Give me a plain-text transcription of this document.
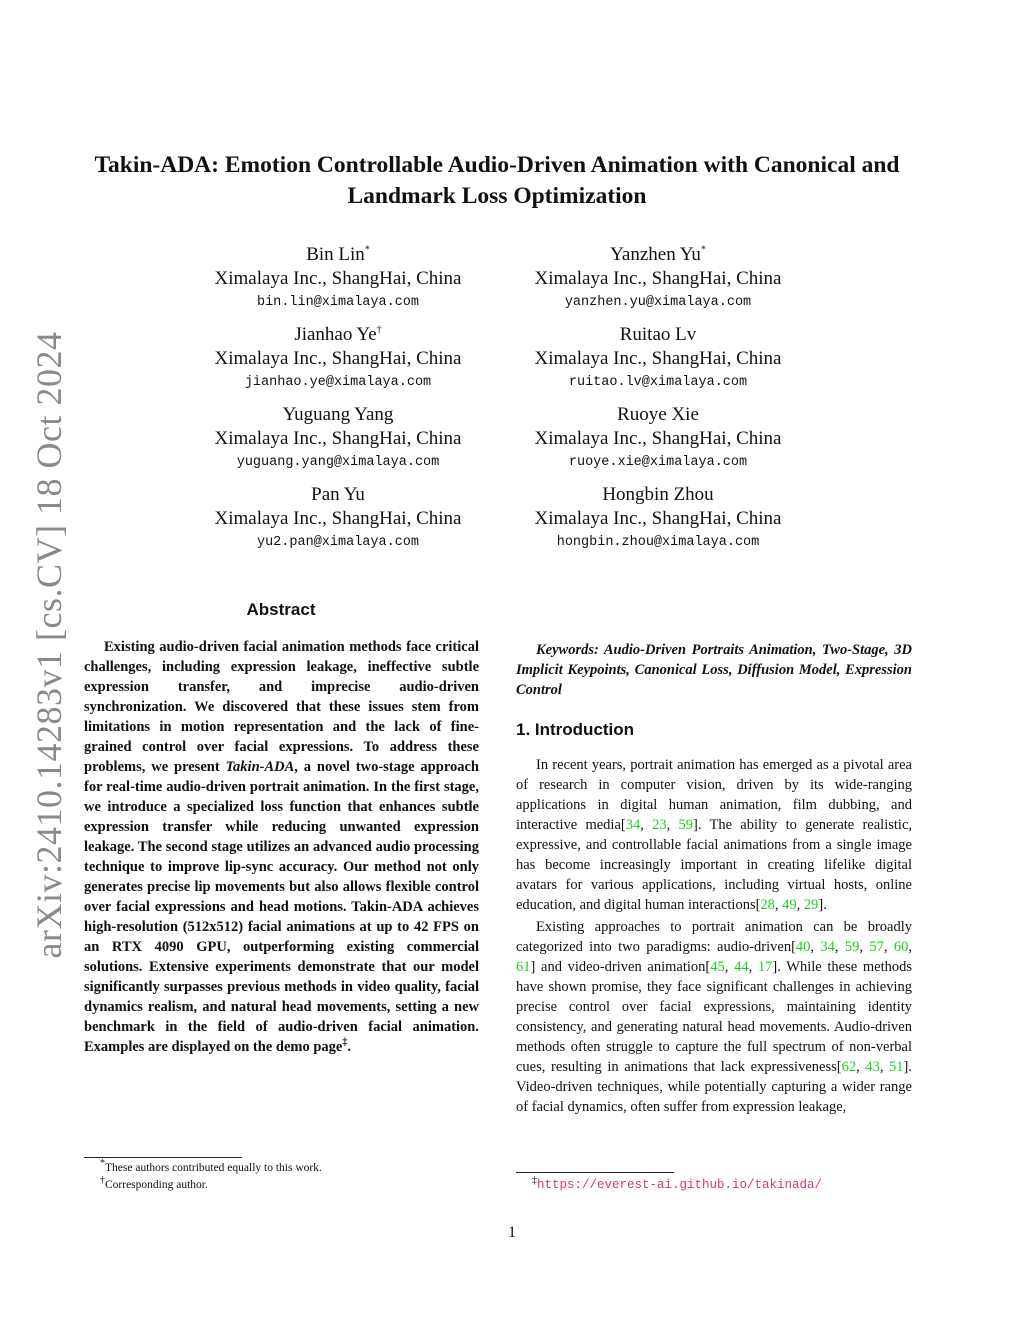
arXiv:2410.14283v1 [cs.CV] 18 Oct 2024
Takin-ADA: Emotion Controllable Audio-Driven Animation with Canonical and Landmark Loss Optimization
Bin Lin*
Ximalaya Inc., ShangHai, China
bin.lin@ximalaya.com
Yanzhen Yu*
Ximalaya Inc., ShangHai, China
yanzhen.yu@ximalaya.com
Jianhao Ye†
Ximalaya Inc., ShangHai, China
jianhao.ye@ximalaya.com
Ruitao Lv
Ximalaya Inc., ShangHai, China
ruitao.lv@ximalaya.com
Yuguang Yang
Ximalaya Inc., ShangHai, China
yuguang.yang@ximalaya.com
Ruoye Xie
Ximalaya Inc., ShangHai, China
ruoye.xie@ximalaya.com
Pan Yu
Ximalaya Inc., ShangHai, China
yu2.pan@ximalaya.com
Hongbin Zhou
Ximalaya Inc., ShangHai, China
hongbin.zhou@ximalaya.com
Abstract
Existing audio-driven facial animation methods face critical challenges, including expression leakage, ineffective subtle expression transfer, and imprecise audio-driven synchronization. We discovered that these issues stem from limitations in motion representation and the lack of fine-grained control over facial expressions. To address these problems, we present Takin-ADA, a novel two-stage approach for real-time audio-driven portrait animation. In the first stage, we introduce a specialized loss function that enhances subtle expression transfer while reducing unwanted expression leakage. The second stage utilizes an advanced audio processing technique to improve lip-sync accuracy. Our method not only generates precise lip movements but also allows flexible control over facial expressions and head motions. Takin-ADA achieves high-resolution (512x512) facial animations at up to 42 FPS on an RTX 4090 GPU, outperforming existing commercial solutions. Extensive experiments demonstrate that our model significantly surpasses previous methods in video quality, facial dynamics realism, and natural head movements, setting a new benchmark in the field of audio-driven facial animation. Examples are displayed on the demo page‡.
Keywords: Audio-Driven Portraits Animation, Two-Stage, 3D Implicit Keypoints, Canonical Loss, Diffusion Model, Expression Control
1. Introduction

In recent years, portrait animation has emerged as a pivotal area of research in computer vision, driven by its wide-ranging applications in digital human animation, film dubbing, and interactive media[34, 23, 59]. The ability to generate realistic, expressive, and controllable facial animations from a single image has become increasingly important in creating lifelike digital avatars for various applications, including virtual hosts, online education, and digital human interactions[28, 49, 29].

Existing approaches to portrait animation can be broadly categorized into two paradigms: audio-driven[40, 34, 59, 57, 60, 61] and video-driven animation[45, 44, 17]. While these methods have shown promise, they face significant challenges in achieving precise control over facial expressions, maintaining identity consistency, and generating natural head movements. Audio-driven methods often struggle to capture the full spectrum of non-verbal cues, resulting in animations that lack expressiveness[62, 43, 51]. Video-driven techniques, while potentially capturing a wider range of facial dynamics, often suffer from expression leakage,

*These authors contributed equally to this work.
†Corresponding author.	‡https://everest-ai.github.io/takinada/
1
